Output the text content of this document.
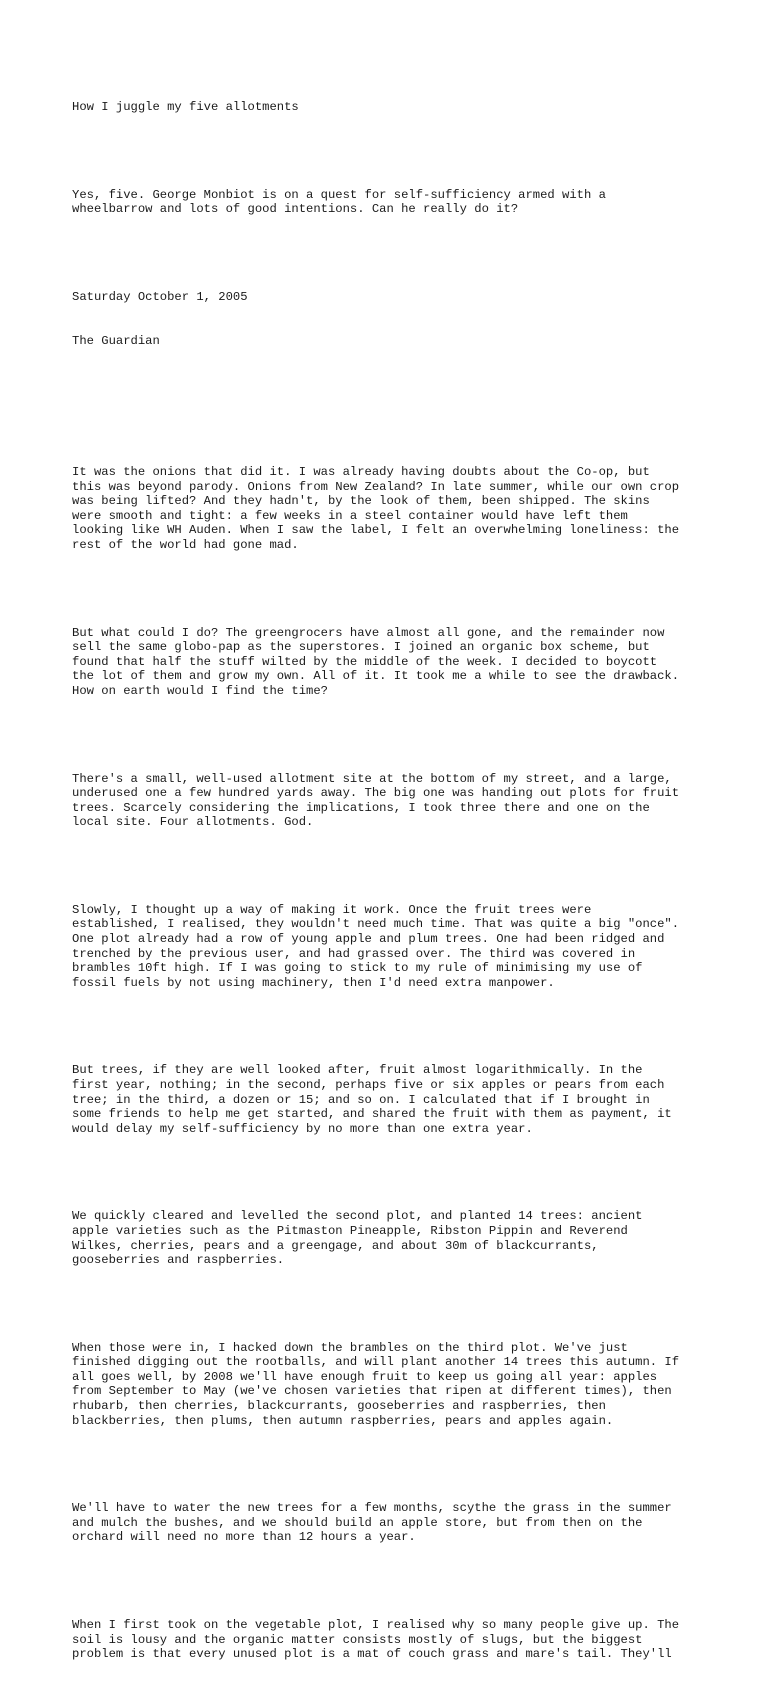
How I juggle my five allotments

Yes, five. George Monbiot is on a quest for self-sufficiency armed with a
wheelbarrow and lots of good intentions. Can he really do it?

Saturday October 1, 2005

The Guardian

It was the onions that did it. I was already having doubts about the Co-op, but
this was beyond parody. Onions from New Zealand? In late summer, while our own crop
was being lifted? And they hadn't, by the look of them, been shipped. The skins
were smooth and tight: a few weeks in a steel container would have left them
looking like WH Auden. When I saw the label, I felt an overwhelming loneliness: the
rest of the world had gone mad.

But what could I do? The greengrocers have almost all gone, and the remainder now
sell the same globo-pap as the superstores. I joined an organic box scheme, but
found that half the stuff wilted by the middle of the week. I decided to boycott
the lot of them and grow my own. All of it. It took me a while to see the drawback.
How on earth would I find the time?

There's a small, well-used allotment site at the bottom of my street, and a large,
underused one a few hundred yards away. The big one was handing out plots for fruit
trees. Scarcely considering the implications, I took three there and one on the
local site. Four allotments. God.

Slowly, I thought up a way of making it work. Once the fruit trees were
established, I realised, they wouldn't need much time. That was quite a big "once".
One plot already had a row of young apple and plum trees. One had been ridged and
trenched by the previous user, and had grassed over. The third was covered in
brambles 10ft high. If I was going to stick to my rule of minimising my use of
fossil fuels by not using machinery, then I'd need extra manpower.

But trees, if they are well looked after, fruit almost logarithmically. In the
first year, nothing; in the second, perhaps five or six apples or pears from each
tree; in the third, a dozen or 15; and so on. I calculated that if I brought in
some friends to help me get started, and shared the fruit with them as payment, it
would delay my self-sufficiency by no more than one extra year.

We quickly cleared and levelled the second plot, and planted 14 trees: ancient
apple varieties such as the Pitmaston Pineapple, Ribston Pippin and Reverend
Wilkes, cherries, pears and a greengage, and about 30m of blackcurrants,
gooseberries and raspberries.

When those were in, I hacked down the brambles on the third plot. We've just
finished digging out the rootballs, and will plant another 14 trees this autumn. If
all goes well, by 2008 we'll have enough fruit to keep us going all year: apples
from September to May (we've chosen varieties that ripen at different times), then
rhubarb, then cherries, blackcurrants, gooseberries and raspberries, then
blackberries, then plums, then autumn raspberries, pears and apples again.

We'll have to water the new trees for a few months, scythe the grass in the summer
and mulch the bushes, and we should build an apple store, but from then on the
orchard will need no more than 12 hours a year.

When I first took on the vegetable plot, I realised why so many people give up. The
soil is lousy and the organic matter consists mostly of slugs, but the biggest
problem is that every unused plot is a mat of couch grass and mare's tail. They'll
